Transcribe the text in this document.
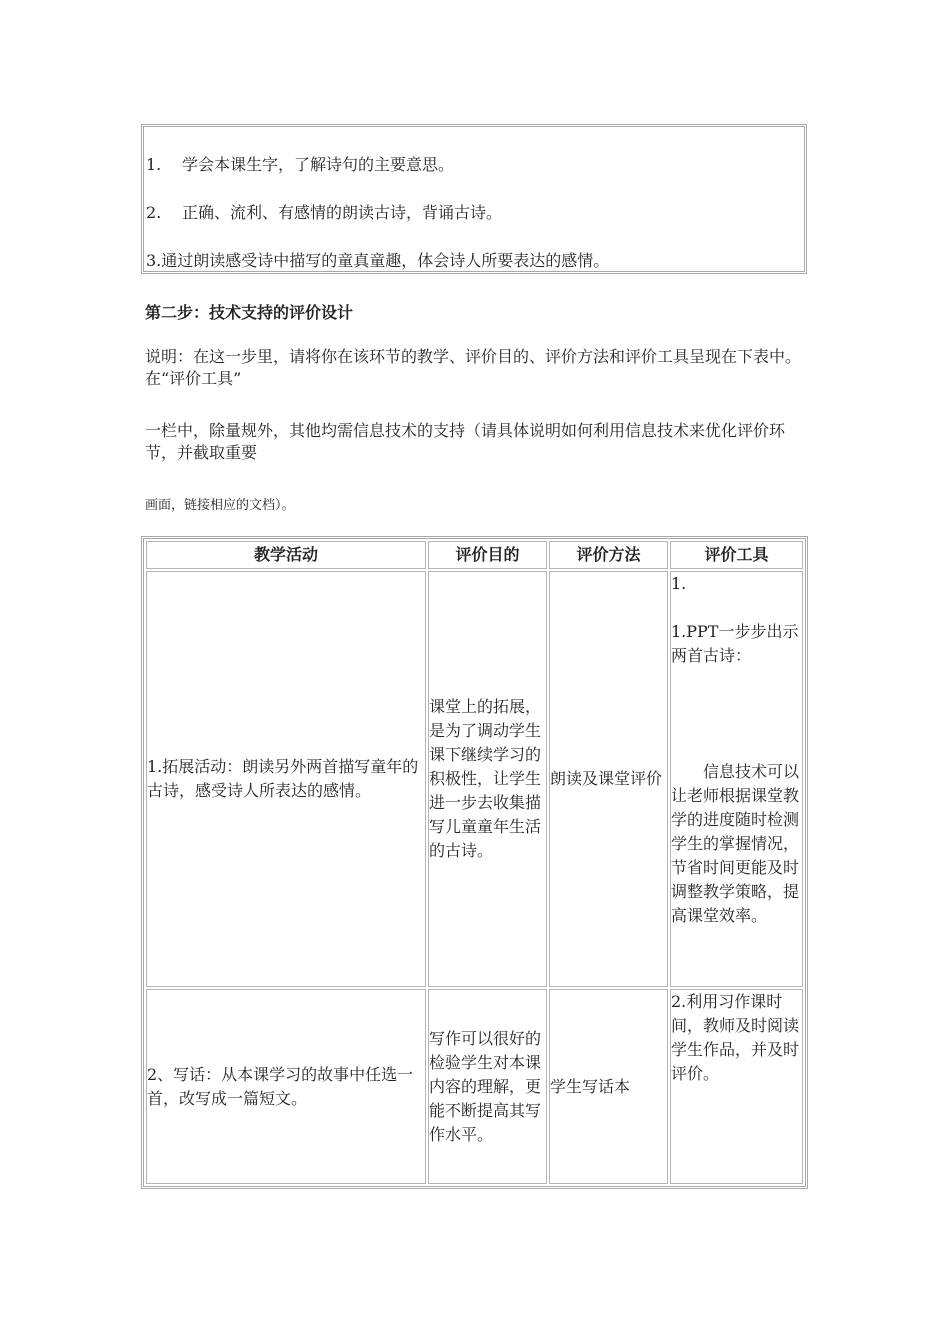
1. 学会本课生字，了解诗句的主要意思。
2. 正确、流利、有感情的朗读古诗，背诵古诗。
3.通过朗读感受诗中描写的童真童趣，体会诗人所要表达的感情。
第二步：技术支持的评价设计
说明：在这一步里，请将你在该环节的教学、评价目的、评价方法和评价工具呈现在下表中。在“评价工具”
一栏中，除量规外，其他均需信息技术的支持（请具体说明如何利用信息技术来优化评价环节，并截取重要
画面，链接相应的文档）。
教学活动	评价目的	评价方法	评价工具
1.拓展活动：朗读另外两首描写童年的古诗，感受诗人所表达的感情。	课堂上的拓展，是为了调动学生课下继续学习的积极性，让学生进一步去收集描写儿童童年生活的古诗。	朗读及课堂评价	1.
1.PPT一步步出示两首古诗：
信息技术可以让老师根据课堂教学的进度随时检测学生的掌握情况，节省时间更能及时调整教学策略，提高课堂效率。

2、写话：从本课学习的故事中任选一首，改写成一篇短文。	写作可以很好的检验学生对本课内容的理解，更能不断提高其写作水平。	学生写话本	2.利用习作课时间，教师及时阅读学生作品，并及时评价。
